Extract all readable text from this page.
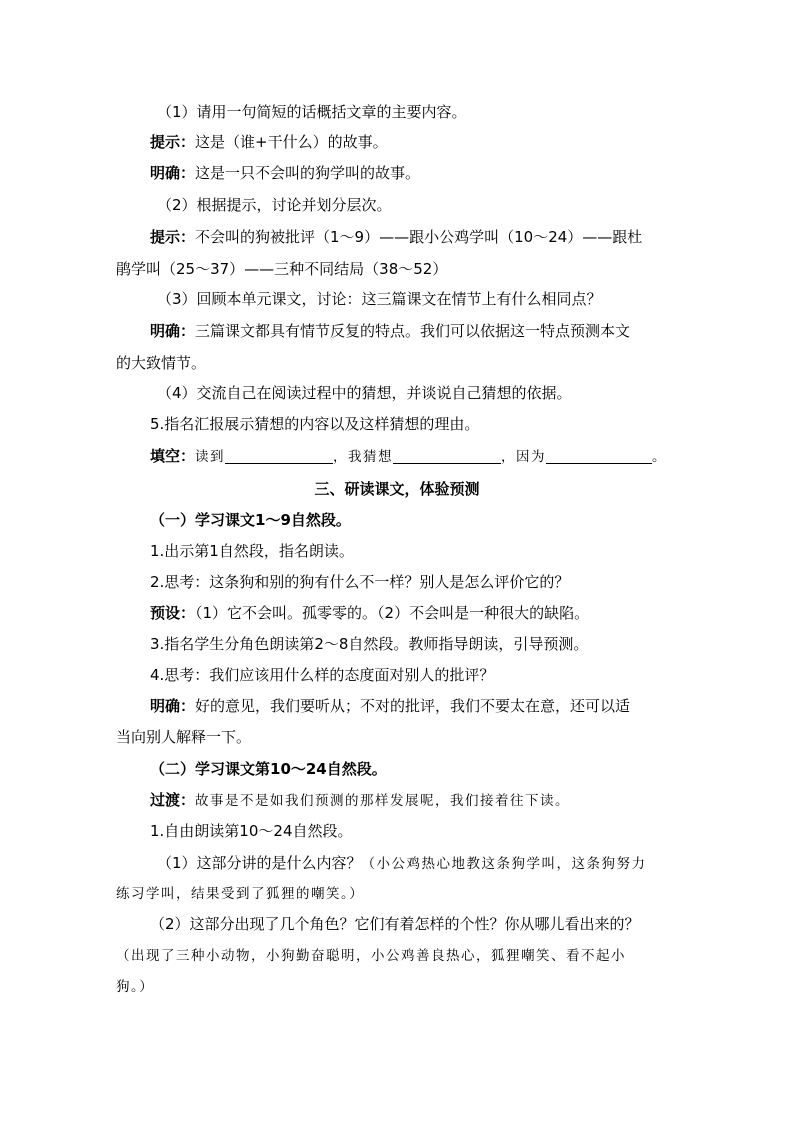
（1）请用一句简短的话概括文章的主要内容。
提示：这是（谁+干什么）的故事。
明确：这是一只不会叫的狗学叫的故事。
（2）根据提示，讨论并划分层次。
提示：不会叫的狗被批评（1～9）——跟小公鸡学叫（10～24）——跟杜
鹃学叫（25～37）——三种不同结局（38～52）
（3）回顾本单元课文，讨论：这三篇课文在情节上有什么相同点？
明确：三篇课文都具有情节反复的特点。我们可以依据这一特点预测本文
的大致情节。
（4）交流自己在阅读过程中的猜想，并谈说自己猜想的依据。
5.指名汇报展示猜想的内容以及这样猜想的理由。
填空：读到	，我猜想	，因为	。
三、研读课文，体验预测
（一）学习课文1～9自然段。
1.出示第1自然段，指名朗读。
2.思考：这条狗和别的狗有什么不一样？别人是怎么评价它的？
预设：（1）它不会叫。孤零零的。（2）不会叫是一种很大的缺陷。
3.指名学生分角色朗读第2～8自然段。教师指导朗读，引导预测。
4.思考：我们应该用什么样的态度面对别人的批评？
明确：好的意见，我们要听从；不对的批评，我们不要太在意，还可以适
当向别人解释一下。
（二）学习课文第10～24自然段。
过渡：故事是不是如我们预测的那样发展呢，我们接着往下读。
1.自由朗读第10～24自然段。
（1）这部分讲的是什么内容？（小公鸡热心地教这条狗学叫，这条狗努力
练习学叫，结果受到了狐狸的嘲笑。）
（2）这部分出现了几个角色？它们有着怎样的个性？你从哪儿看出来的？
（出现了三种小动物，小狗勤奋聪明，小公鸡善良热心，狐狸嘲笑、看不起小
狗。）
